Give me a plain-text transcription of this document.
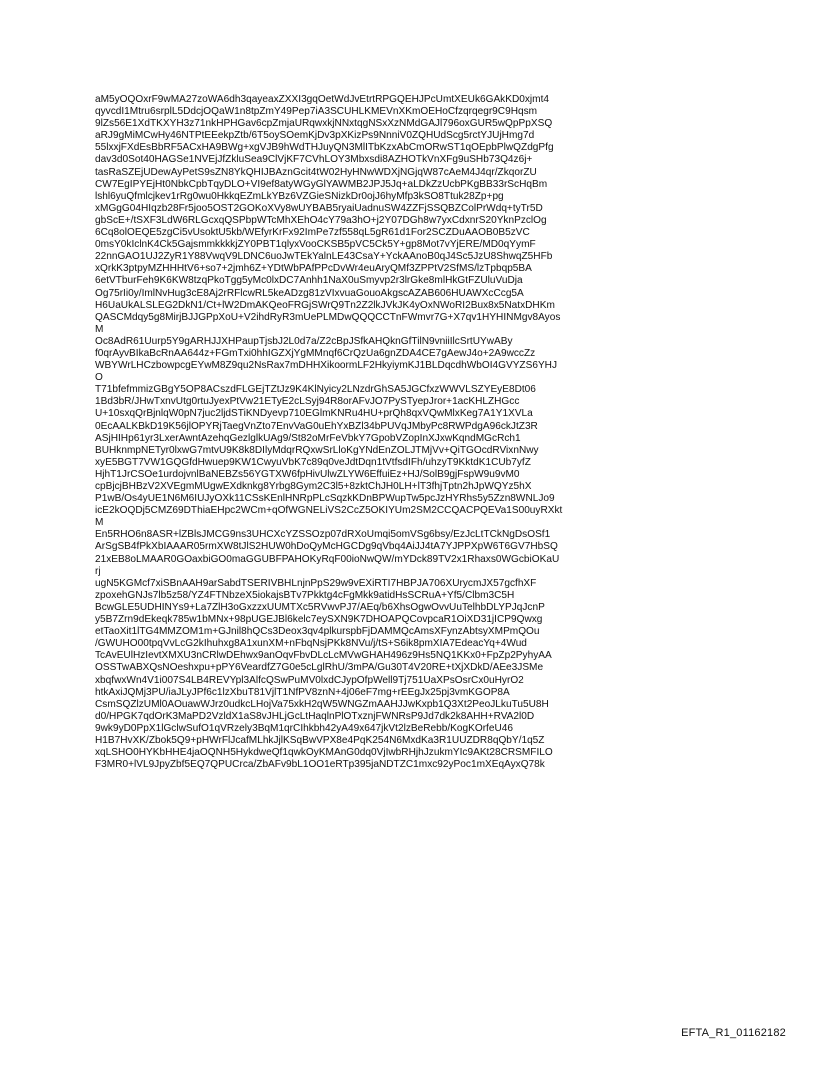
aM5yOQOxrF9wMA27zoWA6dh3qayeaxZXXI3gqOetWdJvEtrtRPGQEHJPcUmtXEUk6GAkKD0xjmt4
qyvcdI1Mtru6srplL5DdcjOQaW1n8tpZmY49Pep7iA3SCUHLKMEVnXKmOEHoCfzqrqegr9C9Hqsm
9lZs56E1XdTKXYH3z71nkHPHGav6cpZmjaURqwxkjNNxtqgNSxXzNMdGAJl796oxGUR5wQpPpXSQ
aRJ9gMiMCwHy46NTPtEEekpZtb/6T5oySOemKjDv3pXKizPs9NnniV0ZQHUdScg5rctYJUjHmg7d
55lxxjFXdEsBbRF5ACxHA9BWg+xgVJB9hWdTHJuyQN3MlITbKzxAbCmORwST1qOEpbPlwQZdgPfg
dav3d0Sot40HAGSe1NVEjJfZkluSea9ClVjKF7CVhLOY3Mbxsdi8AZHOTkVnXFg9uSHb73Q4z6j+
tasRaSZEjUDewAyPetS9sZN8YkQHIJBAznGcit4tW02HyHNwWDXjNGjqW87cAeM4J4qr/ZkqorZU
CW7EgIPYEjHt0NbkCpbTqyDLO+VI9ef8atyWGyGlYAWMB2JPJ5Jq+aLDkZzUcbPKgBB33rScHqBm
lshl6yuQfmlcjkev1rRg0wu0HkkqEZmLkYBz6VZGieSNizkDr0ojJ6hyMfp3kSO8Ttuk28Zp+pg
xMGgG04HIqzb28Fr5joo5OST2GOKoXVy8wUYBAB5ryaiUadnuSW4ZZFjSSQBZColPrWdq+tyTr5D
gbScE+/tSXF3LdW6RLGcxqQSPbpWTcMhXEhO4cY79a3hO+j2Y07DGh8w7yxCdxnrS20YknPzclOg
6Cq8olOEQE5zgCi5vUsoktU5kb/WEfyrKrFx92ImPe7zf558qL5gR61d1For2SCZDuAAOB0B5zVC
0msY0kIclnK4Ck5GajsmmkkkkjZY0PBT1qlyxVooCKSB5pVC5Ck5Y+gp8Mot7vYjERE/MD0qYymF
22nnGAO1UJ2ZyR1Y88VwqV9LDNC6uoJwTEkYalnLE43CsaY+YckAAnoB0qJ4Sc5JzU8ShwqZ5HFb
xQrkK3ptpyMZHHHtV6+so7+2jmh6Z+YDtWbPAfPPcDvWr4euAryQMf3ZPPtV2SfMS/lzTpbqp5BA
6etVTburFeh9K6KW8tzqPkoTgg5yMc0lxDC7Anhh1NaX0uSmyvp2r3lrGke8mlHkGtFZUluVuDja
Og75rIi0y/ImlNvHug3cE8Aj2rRFlcwRL5keADzg81zVIxvuaGouoAkgscAZAB606HUAWXcCcg5A
H6UaUkALSLEG2DkN1/Ct+lW2DmAKQeoFRGjSWrQ9Tn2Z2lkJVkJK4yOxNWoRI2Bux8x5NatxDHKm
QASCMdqy5g8MirjBJJGPpXoU+V2ihdRyR3mUePLMDwQQQCCTnFWmvr7G+X7qv1HYHINMgv8Ayos
M
Oc8AdR61Uurp5Y9gARHJJXHPaupTjsbJ2L0d7a/Z2cBpJSfkAHQknGfTilN9vniiIlcSrtUYwABy
f0qrAyvBIkaBcRnAA644z+FGmTxi0hhIGZXjYgMMnqf6CrQzUa6gnZDA4CE7gAewJ4o+2A9wccZz
WBYWrLHCzbowpcgEYwM8Z9qu2NsRax7mDHHXikoormLF2HkyiymKJ1BLDqcdhWbOI4GVYZS6YHJ
O
T71bfefmmizGBgY5OP8ACszdFLGEjTZtJz9K4KlNyicy2LNzdrGhSA5JGCfxzWWVLSZYEyE8Dt06
1Bd3bR/JHwTxnvUtg0rtuJyexPtVw21ETyE2cLSyj94R8orAFvJO7PySTyepJror+1acKHLZHGcc
U+10sxqQrBjnlqW0pN7juc2ljdSTiKNDyevp710EGlmKNRu4HU+prQh8qxVQwMlxKeg7A1Y1XVLa
0EcAALKBkD19K56jlOPYRjTaegVnZto7EnvVaG0uEhYxBZl34bPUVqJMbyPc8RWPdgA96ckJtZ3R
ASjHIHp61yr3LxerAwntAzehqGezlglkUAg9/St82oMrFeVbkY7GpobVZopInXJxwKqndMGcRch1
BUHknmpNETyr0lxwG7mtvU9K8k8DIlyMdqrRQxwSrLloKgYNdEnZOLJTMjVv+QiTGOcdRVixnNwy
xyE5BGT7VW1GQGfdHwuep9KW1CwyuVbK7c89q0veJdtDqn1tVtfsdIFh/uhzyT9KktdK1CUb7yfZ
HjhT1JrCSOe1urdojvnlBaNEBZs56YGTXW6fpHivUlwZLYW6EffuiEz+HJ/SolB9gjFspW9u9vM0
cpBjcjBHBzV2XVEgmMUgwEXdknkg8Yrbg8Gym2C3l5+8zktChJH0LH+lT3fhjTptn2hJpWQYz5hX
P1wB/Os4yUE1N6M6IUJyOXk11CSsKEnlHNRpPLcSqzkKDnBPWupTw5pcJzHYRhs5y5Zzn8WNLJo9
icE2kOQDj5CMZ69DThiaEHpc2WCm+qOfWGNELiVS2CcZ5OKIYUm2SM2CCQACPQEVa1S00uyRXkt
M
En5RHO6n8ASR+lZBlsJMCG9ns3UHCXcYZSSOzp07dRXoUmqi5omVSg6bsy/EzJcLtTCkNgDsOSf1
ArSgSB4fPkXbIAAAR05rmXW8tJlS2HUW0hDoQyMcHGCDg9qVbq4AiJJ4tA7YJPPXpW6T6GV7HbSQ
21xEB8oLMAAR0GOaxbiGO0maGGUBFPAHOKyRqF00ioNwQW/mYDck89TV2x1Rhaxs0WGcbiOKaU
rj
ugN5KGMcf7xiSBnAAH9arSabdTSERIVBHLnjnPpS29w9vEXiRTI7HBPJA706XUrycmJX57gcfhXF
zpoxehGNJs7lb5z58/YZ4FTNbzeX5iokajsBTv7Pkktg4cFgMkk9atidHsSCRuA+Yf5/Clbm3C5H
BcwGLE5UDHINYs9+La7ZlH3oGxzzxUUMTXc5RVwvPJ7/AEq/b6XhsOgwOvvUuTelhbDLYPJqJcnP
y5B7Zrn9dEkeqk785w1bMNx+98pUGEJBl6kelc7eySXN9K7DHOAPQCovpcaR1OiXD31jICP9Qwxg
etTaoXit1lTG4MMZOM1m+GJnil8hQCs3Deox3qv4plkurspbFjDAMMQcAmsXFynzAbtsyXMPmQOu
/GWUHO00tpqVvLcG2kIhuhxg8A1xunXM+nFbqNsjPKk8NVu/j/tS+S6ik8pmXIA7EdeacYq+4Wud
TcAvEUlHzIevtXMXU3nCRlwDEhwx9anOqvFbvDLcLcMVwGHAH496z9Hs5NQ1KKx0+FpZp2PyhyAA
OSSTwABXQsNOeshxpu+pPY6VeardfZ7G0e5cLglRhU/3mPA/Gu30T4V20RE+tXjXDkD/AEe3JSMe
xbqfwxWn4V1i007S4LB4REVYpl3AlfcQSwPuMV0lxdCJypOfpWell9Tj751UaXPsOsrCx0uHyrO2
htkAxiJQMj3PU/iaJLyJPf6c1lzXbuT81VjlT1NfPV8znN+4j06eF7mg+rEEgJx25pj3vmKGOP8A
CsmSQZlzUMl0AOuawWJrz0udkcLHojVa75xkH2qW5WNGZmAAHJJwKxpb1Q3Xt2PeoJLkuTu5U8H
d0/HPGK7qdOrK3MaPD2VzldX1aS8vJHLjGcLtHaqlnPlOTxznjFWNRsP9Jd7dk2k8AHH+RVA2l0D
9wk9yD0PpX1lGclwSufO1qVRzely3BqM1qrCIhkbh42yA49x647jkVt2lzBeRebb/KogKOrfeU46
H1B7HvXK/Zbok5Q9+pHWrFlJcafMLhkJjlKSqBwVPX8e4PqK254N6MxdKa3R1UUZDR8qQbY/1q5Z
xqLSHO0HYKbHHE4jaOQNH5HykdweQf1qwkOyKMAnG0dq0VjIwbRHjhJzukmYIc9AKt28CRSMFILO
F3MR0+lVL9JpyZbf5EQ7QPUCrca/ZbAFv9bL1OO1eRTp395jaNDTZC1mxc92yPoc1mXEqAyxQ78k
EFTA_R1_01162182
